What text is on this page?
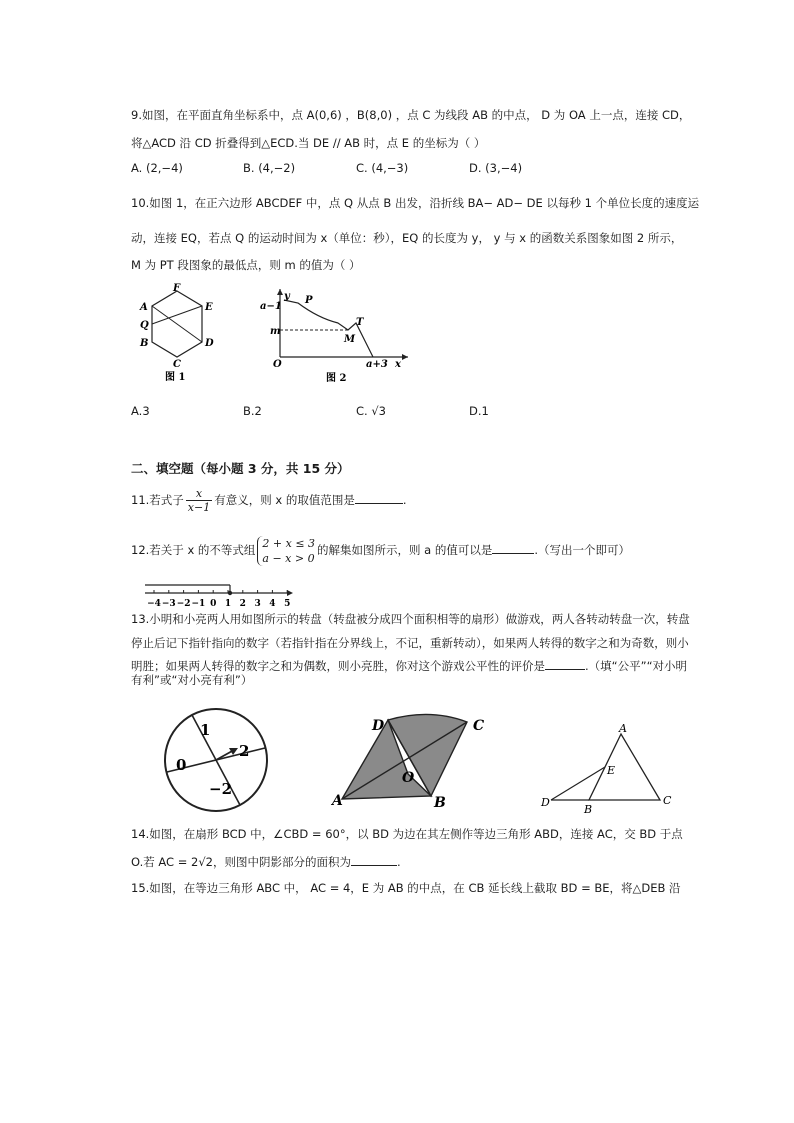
9.如图，在平面直角坐标系中，点 A(0,6) ，B(8,0) ，点 C 为线段 AB 的中点， D 为 OA 上一点，连接 CD，
将△ACD 沿 CD 折叠得到△ECD.当 DE // AB 时，点 E 的坐标为（ ）
A. (2,−4)	B. (4,−2)	C. (4,−3)	D. (3,−4)
10.如图 1，在正六边形 ABCDEF 中，点 Q 从点 B 出发，沿折线 BA− AD− DE 以每秒 1 个单位长度的速度运
动，连接 EQ，若点 Q 的运动时间为 x（单位：秒），EQ 的长度为 y， y 与 x 的函数关系图象如图 2 所示，
M 为 PT 段图象的最低点，则 m 的值为（ ）
F
A	E
Q
B	D
C
图 1
y
a−1
P
T
m
M
O	a+3 x
图 2
A.3	B.2	C. √3	D.1
二、填空题（每小题 3 分，共 15 分）
11.若式子 $\frac{x}{x-1}$ 有意义，则 x 的取值范围是	.
12.若关于 x 的不等式组 2 + x ≤ 3
a − x > 0
的解集如图所示，则 a 的值可以是	.（写出一个即可）
−4 −3 −2 −1 0 1 2 3 4 5
13.小明和小亮两人用如图所示的转盘（转盘被分成四个面积相等的扇形）做游戏，两人各转动转盘一次，转盘
停止后记下指针指向的数字（若指针指在分界线上，不记，重新转动），如果两人转得的数字之和为奇数，则小
明胜；如果两人转得的数字之和为偶数，则小亮胜，你对这个游戏公平性的评价是	.（填“公平”“对小明
有利”或“对小亮有利”）
1
2
−2
0
D	C
O
A	B
A
E
D
B
C
14.如图，在扇形 BCD 中，∠CBD = 60°，以 BD 为边在其左侧作等边三角形 ABD，连接 AC，交 BD 于点
O.若 AC = 2√2，则图中阴影部分的面积为	.
15.如图，在等边三角形 ABC 中， AC = 4，E 为 AB 的中点，在 CB 延长线上截取 BD = BE，将△DEB 沿
